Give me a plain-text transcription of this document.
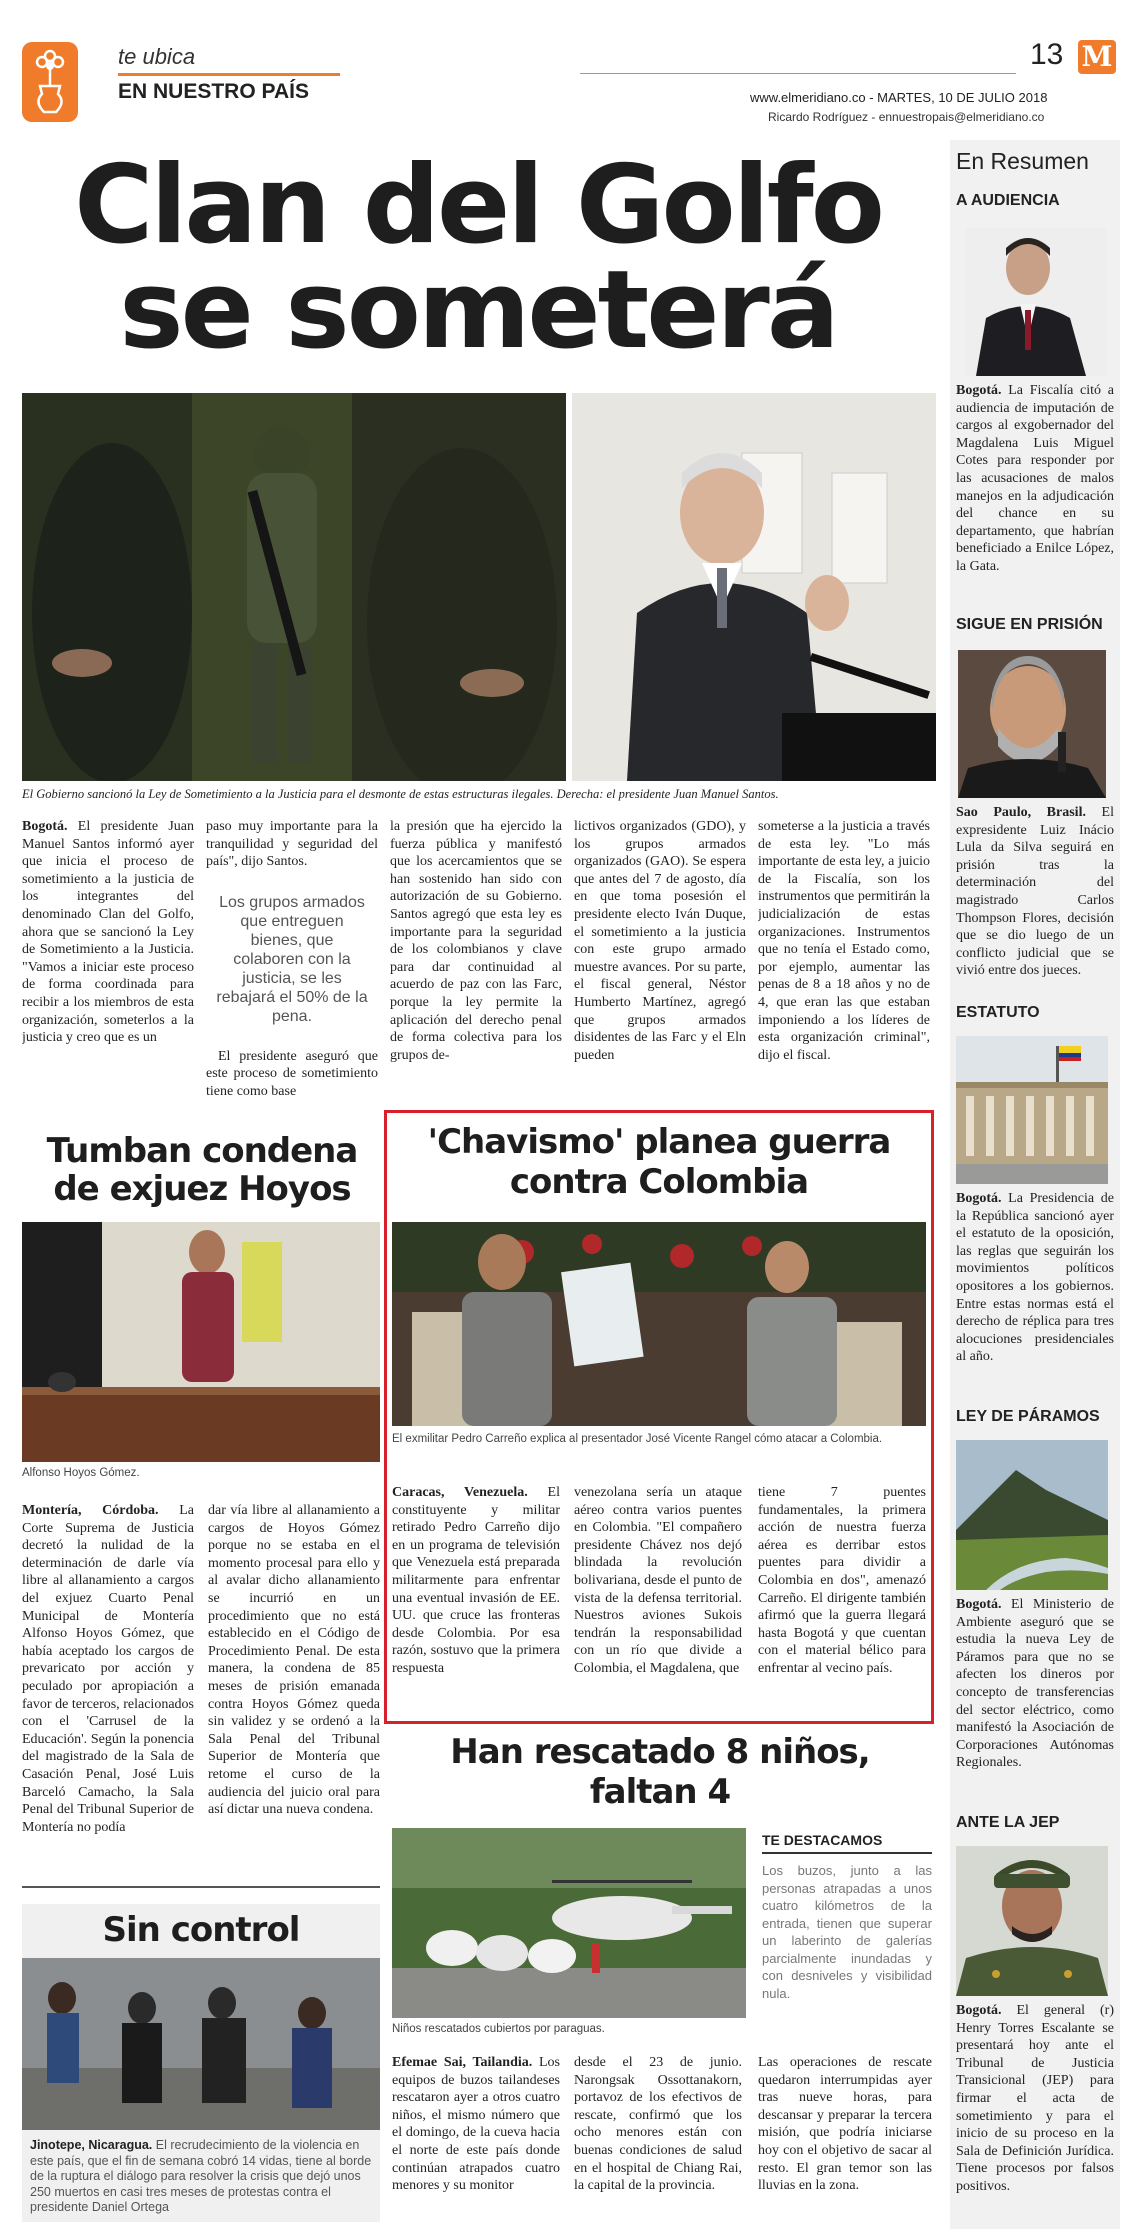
te ubica
EN NUESTRO PAÍS
13 M
www.elmeridiano.co - MARTES, 10 DE JULIO 2018
Ricardo Rodríguez - ennuestropais@elmeridiano.co
Clan del Golfo
se someterá
El Gobierno sancionó la Ley de Sometimiento a la Justicia para el desmonte de estas estructuras ilegales. Derecha: el presidente Juan Manuel Santos.
Bogotá. El presidente Juan Manuel Santos informó ayer que inicia el proceso de sometimiento a la justicia de los integrantes del denominado Clan del Golfo, ahora que se sancionó la Ley de Sometimiento a la Justicia. "Vamos a iniciar este proceso de forma coordinada para recibir a los miembros de esta organización, someterlos a la justicia y creo que es un
paso muy importante para la tranquilidad y seguridad del país", dijo Santos.
Los grupos armados que entreguen bienes, que colaboren con la justicia, se les rebajará el 50% de la pena.
El presidente aseguró que este proceso de sometimiento tiene como base
la presión que ha ejercido la fuerza pública y manifestó que los acercamientos que se han sostenido han sido con autorización de su Gobierno. Santos agregó que esta ley es importante para la seguridad de los colombianos y clave para dar continuidad al acuerdo de paz con las Farc, porque la ley permite la aplicación del derecho penal de forma colectiva para los grupos de-
lictivos organizados (GDO), y los grupos armados organizados (GAO). Se espera que antes del 7 de agosto, día en que toma posesión el presidente electo Iván Duque, el sometimiento a la justicia con este grupo armado muestre avances. Por su parte, el fiscal general, Néstor Humberto Martínez, agregó que grupos armados disidentes de las Farc y el Eln pueden
someterse a la justicia a través de esta ley. "Lo más importante de esta ley, a juicio de la Fiscalía, son los instrumentos que permitirán la judicialización de estas organizaciones. Instrumentos que no tenía el Estado como, por ejemplo, aumentar las penas de 8 a 18 años y no de 4, que eran las que estaban imponiendo a los líderes de esta organización criminal", dijo el fiscal.
Tumban condena de exjuez Hoyos
Alfonso Hoyos Gómez.
Montería, Córdoba. La Corte Suprema de Justicia decretó la nulidad de la determinación de darle vía libre al allanamiento a cargos del exjuez Cuarto Penal Municipal de Montería Alfonso Hoyos Gómez, que había aceptado los cargos de prevaricato por acción y peculado por apropiación a favor de terceros, relacionados con el 'Carrusel de la Educación'. Según la ponencia del magistrado de la Sala de Casación Penal, José Luis Barceló Camacho, la Sala Penal del Tribunal Superior de Montería no podía
dar vía libre al allanamiento a cargos de Hoyos Gómez porque no se estaba en el momento procesal para ello y al avalar dicho allanamiento se incurrió en un procedimiento que no está establecido en el Código de Procedimiento Penal. De esta manera, la condena de 85 meses de prisión emanada contra Hoyos Gómez queda sin validez y se ordenó a la Sala Penal del Tribunal Superior de Montería que retome el curso de la audiencia del juicio oral para así dictar una nueva condena.
'Chavismo' planea guerra contra Colombia
El exmilitar Pedro Carreño explica al presentador José Vicente Rangel cómo atacar a Colombia.
Caracas, Venezuela. El constituyente y militar retirado Pedro Carreño dijo en un programa de televisión que Venezuela está preparada militarmente para enfrentar una eventual invasión de EE. UU. que cruce las fronteras desde Colombia. Por esa razón, sostuvo que la primera respuesta
venezolana sería un ataque aéreo contra varios puentes en Colombia. "El compañero presidente Chávez nos dejó blindada la revolución bolivariana, desde el punto de vista de la defensa territorial. Nuestros aviones Sukois tendrán la responsabilidad con un río que divide a Colombia, el Magdalena, que
tiene 7 puentes fundamentales, la primera acción de nuestra fuerza aérea es derribar estos puentes para dividir a Colombia en dos", amenazó Carreño. El dirigente también afirmó que la guerra llegará hasta Bogotá y que cuentan con el material bélico para enfrentar al vecino país.
Han rescatado 8 niños, faltan 4
Niños rescatados cubiertos por paraguas.
TE DESTACAMOS
Los buzos, junto a las personas atrapadas a unos cuatro kilómetros de la entrada, tienen que superar un laberinto de galerías parcialmente inundadas y con desniveles y visibilidad nula.
Efemae Sai, Tailandia. Los equipos de buzos tailandeses rescataron ayer a otros cuatro niños, el mismo número que el domingo, de la cueva hacia el norte de este país donde continúan atrapados cuatro menores y su monitor
desde el 23 de junio. Narongsak Ossottanakorn, portavoz de los efectivos de rescate, confirmó que los ocho menores están con buenas condiciones de salud en el hospital de Chiang Rai, la capital de la provincia.
Las operaciones de rescate quedaron interrumpidas ayer tras nueve horas, para descansar y preparar la tercera misión, que podría iniciarse hoy con el objetivo de sacar al resto. El gran temor son las lluvias en la zona.
Sin control
Jinotepe, Nicaragua. El recrudecimiento de la violencia en este país, que el fin de semana cobró 14 vidas, tiene al borde de la ruptura el diálogo para resolver la crisis que dejó unos 250 muertos en casi tres meses de protestas contra el presidente Daniel Ortega
En Resumen
A AUDIENCIA
Bogotá. La Fiscalía citó a audiencia de imputación de cargos al exgobernador del Magdalena Luis Miguel Cotes para responder por las acusaciones de malos manejos en la adjudicación del chance en su departamento, que habrían beneficiado a Enilce López, la Gata.
SIGUE EN PRISIÓN
Sao Paulo, Brasil. El expresidente Luiz Inácio Lula da Silva seguirá en prisión tras la determinación del magistrado Carlos Thompson Flores, decisión que se dio luego de un conflicto judicial que se vivió entre dos jueces.
ESTATUTO
Bogotá. La Presidencia de la República sancionó ayer el estatuto de la oposición, las reglas que seguirán los movimientos políticos opositores a los gobiernos. Entre estas normas está el derecho de réplica para tres alocuciones presidenciales al año.
LEY DE PÁRAMOS
Bogotá. El Ministerio de Ambiente aseguró que se estudia la nueva Ley de Páramos para que no se afecten los dineros por concepto de transferencias del sector eléctrico, como manifestó la Asociación de Corporaciones Autónomas Regionales.
ANTE LA JEP
Bogotá. El general (r) Henry Torres Escalante se presentará hoy ante el Tribunal de Justicia Transicional (JEP) para firmar el acta de sometimiento y para el inicio de su proceso en la Sala de Definición Jurídica. Tiene procesos por falsos positivos.
